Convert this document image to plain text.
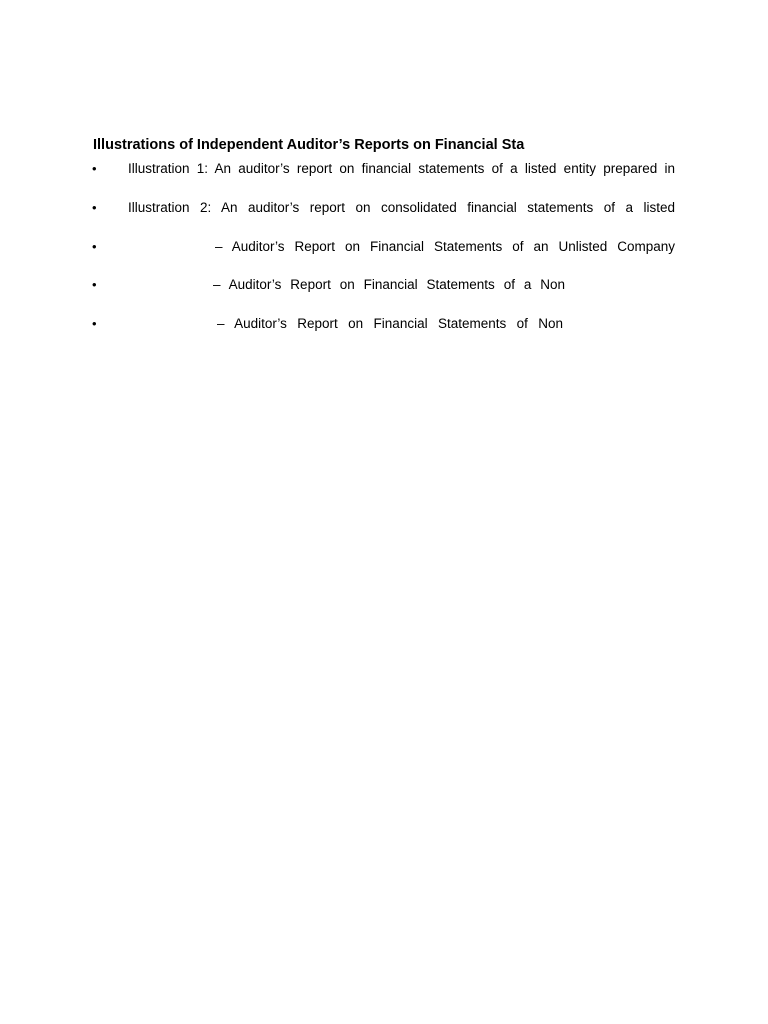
Illustrations of Independent Auditor’s Reports on Financial Sta
• Illustration 1: An auditor’s report on financial statements of a listed entity prepared in
• Illustration 2: An auditor’s report on consolidated financial statements of a listed
•	– Auditor’s Report on Financial Statements of an Unlisted Company
•	– Auditor’s Report on Financial Statements of a Non
•	– Auditor’s Report on Financial Statements of Non
